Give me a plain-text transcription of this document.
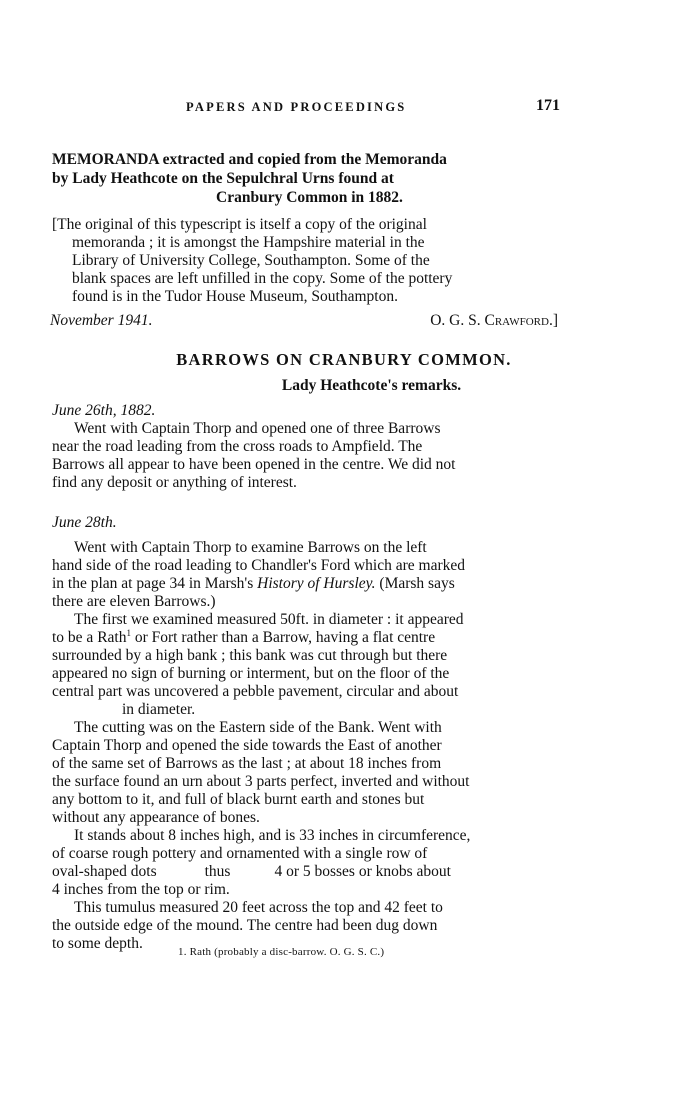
PAPERS AND PROCEEDINGS	171
MEMORANDA extracted and copied from the Memoranda
by Lady Heathcote on the Sepulchral Urns found at
Cranbury Common in 1882.
[The original of this typescript is itself a copy of the original
memoranda ; it is amongst the Hampshire material in the
Library of University College, Southampton. Some of the
blank spaces are left unfilled in the copy. Some of the pottery
found is in the Tudor House Museum, Southampton.
November 1941.	O. G. S. Crawford.]
BARROWS ON CRANBURY COMMON.
Lady Heathcote's remarks.
June 26th, 1882.
Went with Captain Thorp and opened one of three Barrows
near the road leading from the cross roads to Ampfield. The
Barrows all appear to have been opened in the centre. We did not
find any deposit or anything of interest.
June 28th.
Went with Captain Thorp to examine Barrows on the left
hand side of the road leading to Chandler's Ford which are marked
in the plan at page 34 in Marsh's History of Hursley. (Marsh says
there are eleven Barrows.)
The first we examined measured 50ft. in diameter : it appeared
to be a Rath$^1$ or Fort rather than a Barrow, having a flat centre
surrounded by a high bank ; this bank was cut through but there
appeared no sign of burning or interment, but on the floor of the
central part was uncovered a pebble pavement, circular and about
in diameter.
The cutting was on the Eastern side of the Bank. Went with
Captain Thorp and opened the side towards the East of another
of the same set of Barrows as the last ; at about 18 inches from
the surface found an urn about 3 parts perfect, inverted and without
any bottom to it, and full of black burnt earth and stones but
without any appearance of bones.
It stands about 8 inches high, and is 33 inches in circumference,
of coarse rough pottery and ornamented with a single row of
oval-shaped dots	thus	4 or 5 bosses or knobs about
4 inches from the top or rim.
This tumulus measured 20 feet across the top and 42 feet to
the outside edge of the mound. The centre had been dug down
to some depth.	1. Rath (probably a disc-barrow. O. G. S. C.)
